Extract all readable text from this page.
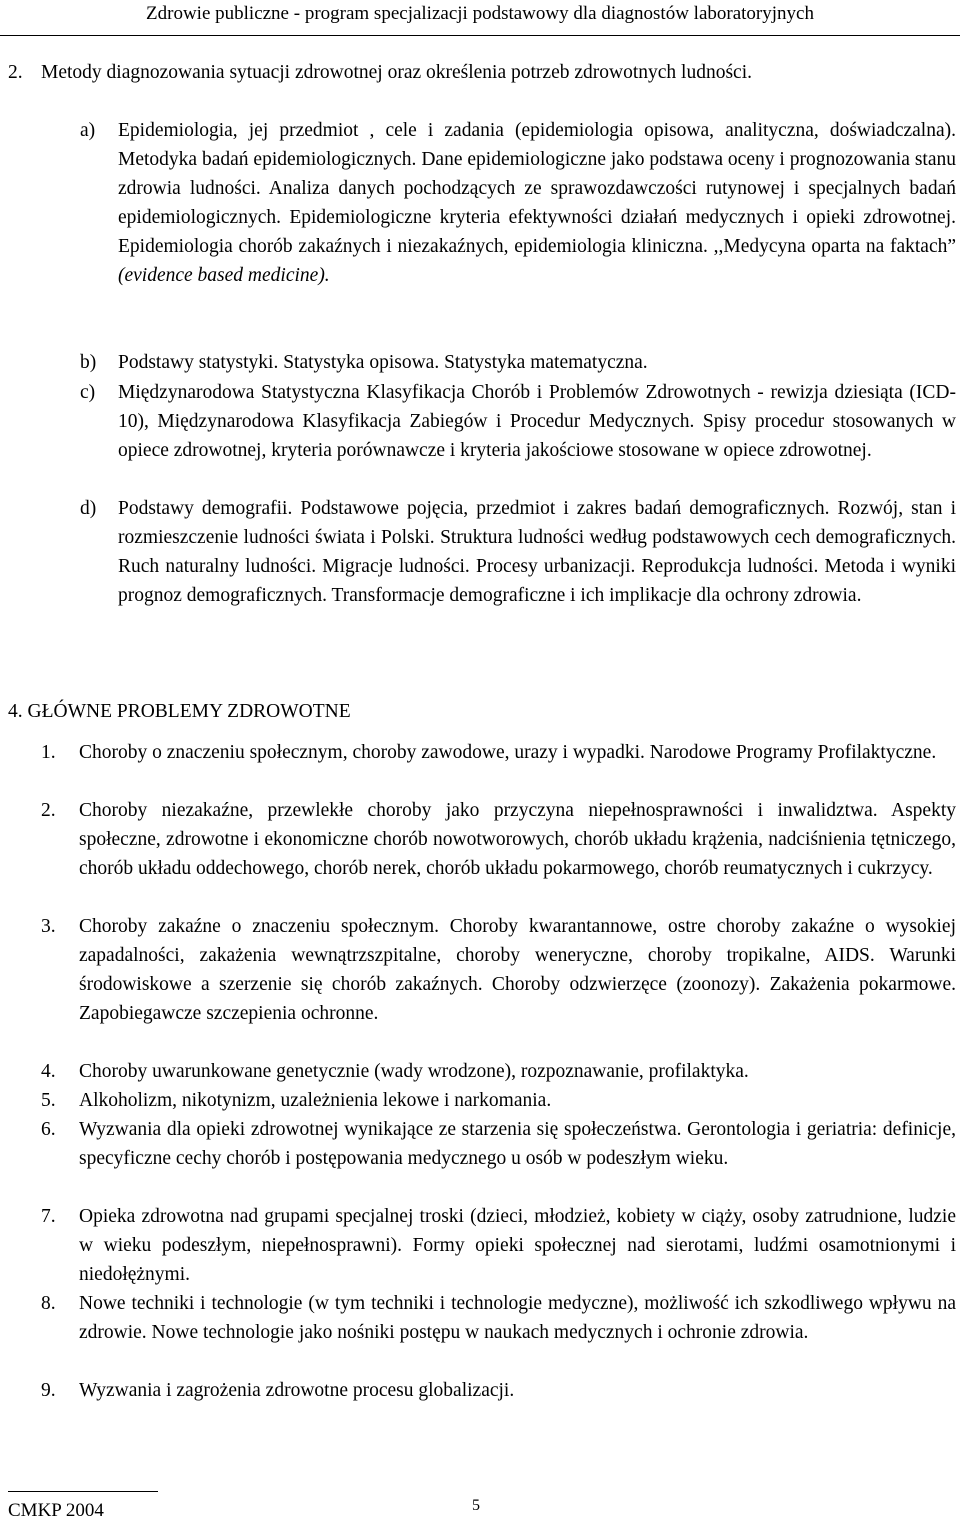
Zdrowie publiczne - program specjalizacji podstawowy dla diagnostów laboratoryjnych
2. Metody diagnozowania sytuacji zdrowotnej oraz określenia potrzeb zdrowotnych ludności.
a) Epidemiologia, jej przedmiot , cele i zadania (epidemiologia opisowa, analityczna, doświadczalna). Metodyka badań epidemiologicznych. Dane epidemiologiczne jako podstawa oceny i prognozowania stanu zdrowia ludności. Analiza danych pochodzących ze sprawozdawczości rutynowej i specjalnych badań epidemiologicznych. Epidemiologiczne kryteria efektywności działań medycznych i opieki zdrowotnej. Epidemiologia chorób zakaźnych i niezakaźnych, epidemiologia kliniczna. ,,Medycyna oparta na faktach” (evidence based medicine).
b) Podstawy statystyki. Statystyka opisowa. Statystyka matematyczna.
c) Międzynarodowa Statystyczna Klasyfikacja Chorób i Problemów Zdrowotnych - rewizja dziesiąta (ICD-10), Międzynarodowa Klasyfikacja Zabiegów i Procedur Medycznych. Spisy procedur stosowanych w opiece zdrowotnej, kryteria porównawcze i kryteria jakościowe stosowane w opiece zdrowotnej.
d) Podstawy demografii. Podstawowe pojęcia, przedmiot i zakres badań demograficznych. Rozwój, stan i rozmieszczenie ludności świata i Polski. Struktura ludności według podstawowych cech demograficznych. Ruch naturalny ludności. Migracje ludności. Procesy urbanizacji. Reprodukcja ludności. Metoda i wyniki prognoz demograficznych. Transformacje demograficzne i ich implikacje dla ochrony zdrowia.
4. GŁÓWNE PROBLEMY ZDROWOTNE
1. Choroby o znaczeniu społecznym, choroby zawodowe, urazy i wypadki. Narodowe Programy Profilaktyczne.
2. Choroby niezakaźne, przewlekłe choroby jako przyczyna niepełnosprawności i inwalidztwa. Aspekty społeczne, zdrowotne i ekonomiczne chorób nowotworowych, chorób układu krążenia, nadciśnienia tętniczego, chorób układu oddechowego, chorób nerek, chorób układu pokarmowego, chorób reumatycznych i cukrzycy.
3. Choroby zakaźne o znaczeniu społecznym. Choroby kwarantannowe, ostre choroby zakaźne o wysokiej zapadalności, zakażenia wewnątrzszpitalne, choroby weneryczne, choroby tropikalne, AIDS. Warunki środowiskowe a szerzenie się chorób zakaźnych. Choroby odzwierzęce (zoonozy). Zakażenia pokarmowe. Zapobiegawcze szczepienia ochronne.
4. Choroby uwarunkowane genetycznie (wady wrodzone), rozpoznawanie, profilaktyka.
5. Alkoholizm, nikotynizm, uzależnienia lekowe i narkomania.
6. Wyzwania dla opieki zdrowotnej wynikające ze starzenia się społeczeństwa. Gerontologia i geriatria: definicje, specyficzne cechy chorób i postępowania medycznego u osób w podeszłym wieku.
7. Opieka zdrowotna nad grupami specjalnej troski (dzieci, młodzież, kobiety w ciąży, osoby zatrudnione, ludzie w wieku podeszłym, niepełnosprawni). Formy opieki społecznej nad sierotami, ludźmi osamotnionymi i niedołężnymi.
8. Nowe techniki i technologie (w tym techniki i technologie medyczne), możliwość ich szkodliwego wpływu na zdrowie. Nowe technologie jako nośniki postępu w naukach medycznych i ochronie zdrowia.
9. Wyzwania i zagrożenia zdrowotne procesu globalizacji.
CMKP 2004	5
